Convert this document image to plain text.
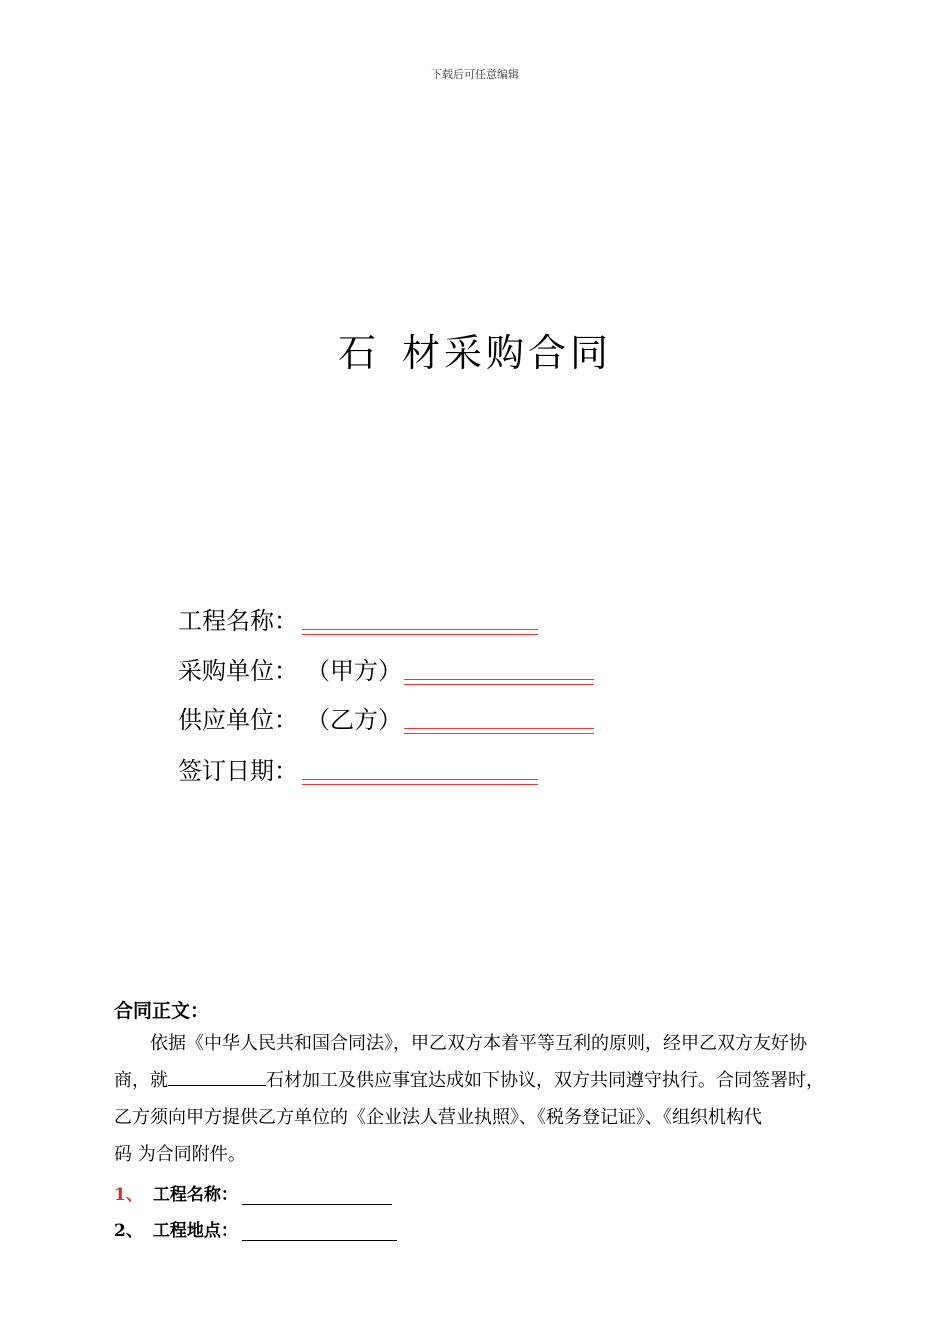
下载后可任意编辑
石 材采购合同
工程名称：
采购单位： （甲方）
供应单位： （乙方）
签订日期：
合同正文：
依据《中华人民共和国合同法》，甲乙双方本着平等互利的原则，经甲乙双方友好协
商，就	石材加工及供应事宜达成如下协议，双方共同遵守执行。合同签署时，
乙方须向甲方提供乙方单位的《企业法人营业执照》、《税务登记证》、《组织机构代
码 为合同附件。
1、 工程名称：
2、 工程地点：
